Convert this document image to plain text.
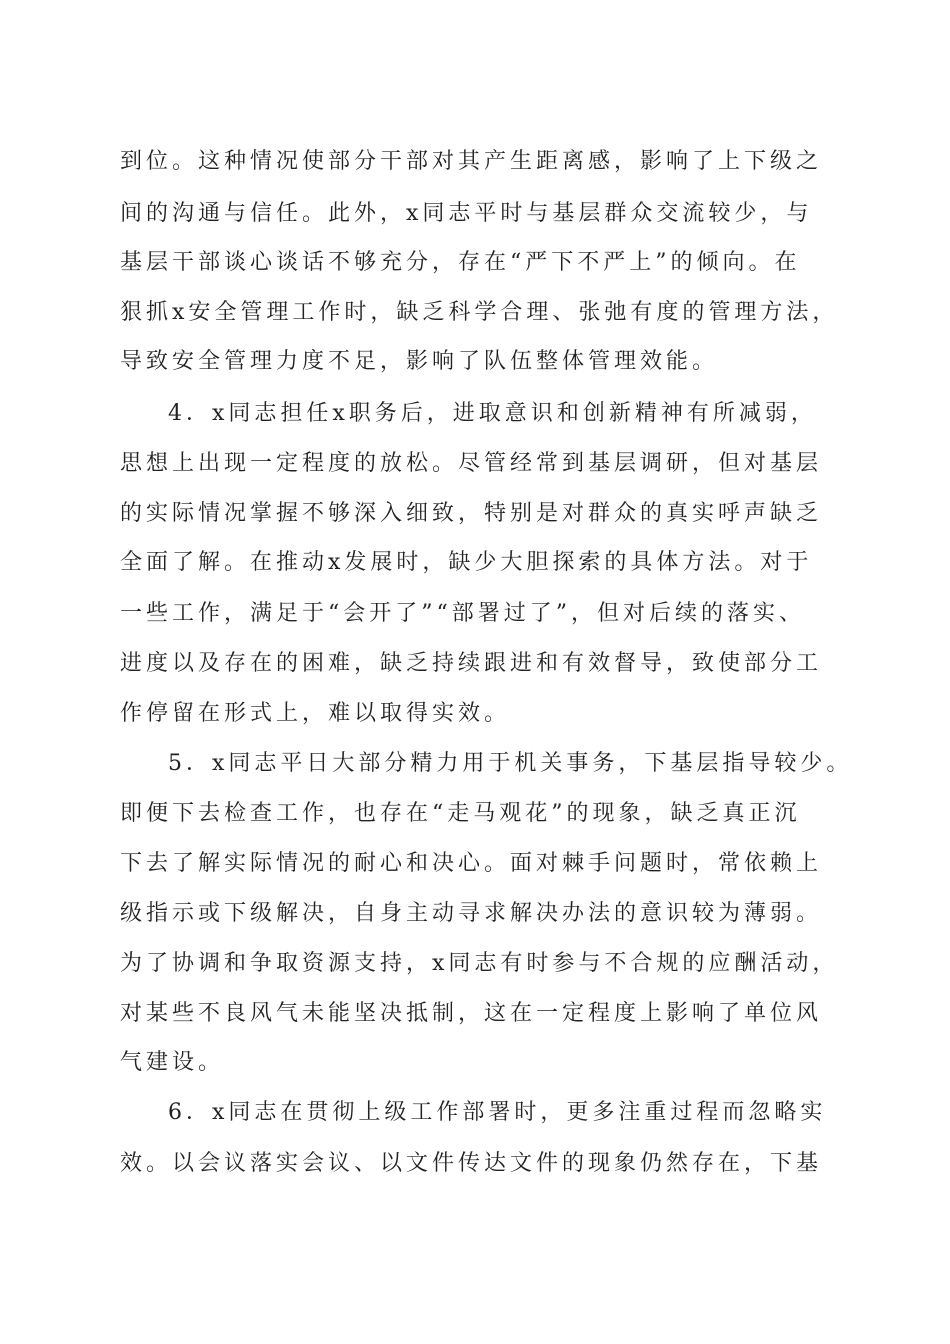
到位。这种情况使部分干部对其产生距离感，影响了上下级之
间的沟通与信任。此外，x同志平时与基层群众交流较少，与
基层干部谈心谈话不够充分，存在“严下不严上”的倾向。在
狠抓x安全管理工作时，缺乏科学合理、张弛有度的管理方法，
导致安全管理力度不足，影响了队伍整体管理效能。
4．x同志担任x职务后，进取意识和创新精神有所减弱，
思想上出现一定程度的放松。尽管经常到基层调研，但对基层
的实际情况掌握不够深入细致，特别是对群众的真实呼声缺乏
全面了解。在推动x发展时，缺少大胆探索的具体方法。对于
一些工作，满足于“会开了”“部署过了”，但对后续的落实、
进度以及存在的困难，缺乏持续跟进和有效督导，致使部分工
作停留在形式上，难以取得实效。
5．x同志平日大部分精力用于机关事务，下基层指导较少。
即便下去检查工作，也存在“走马观花”的现象，缺乏真正沉
下去了解实际情况的耐心和决心。面对棘手问题时，常依赖上
级指示或下级解决，自身主动寻求解决办法的意识较为薄弱。
为了协调和争取资源支持，x同志有时参与不合规的应酬活动，
对某些不良风气未能坚决抵制，这在一定程度上影响了单位风
气建设。
6．x同志在贯彻上级工作部署时，更多注重过程而忽略实
效。以会议落实会议、以文件传达文件的现象仍然存在，下基
